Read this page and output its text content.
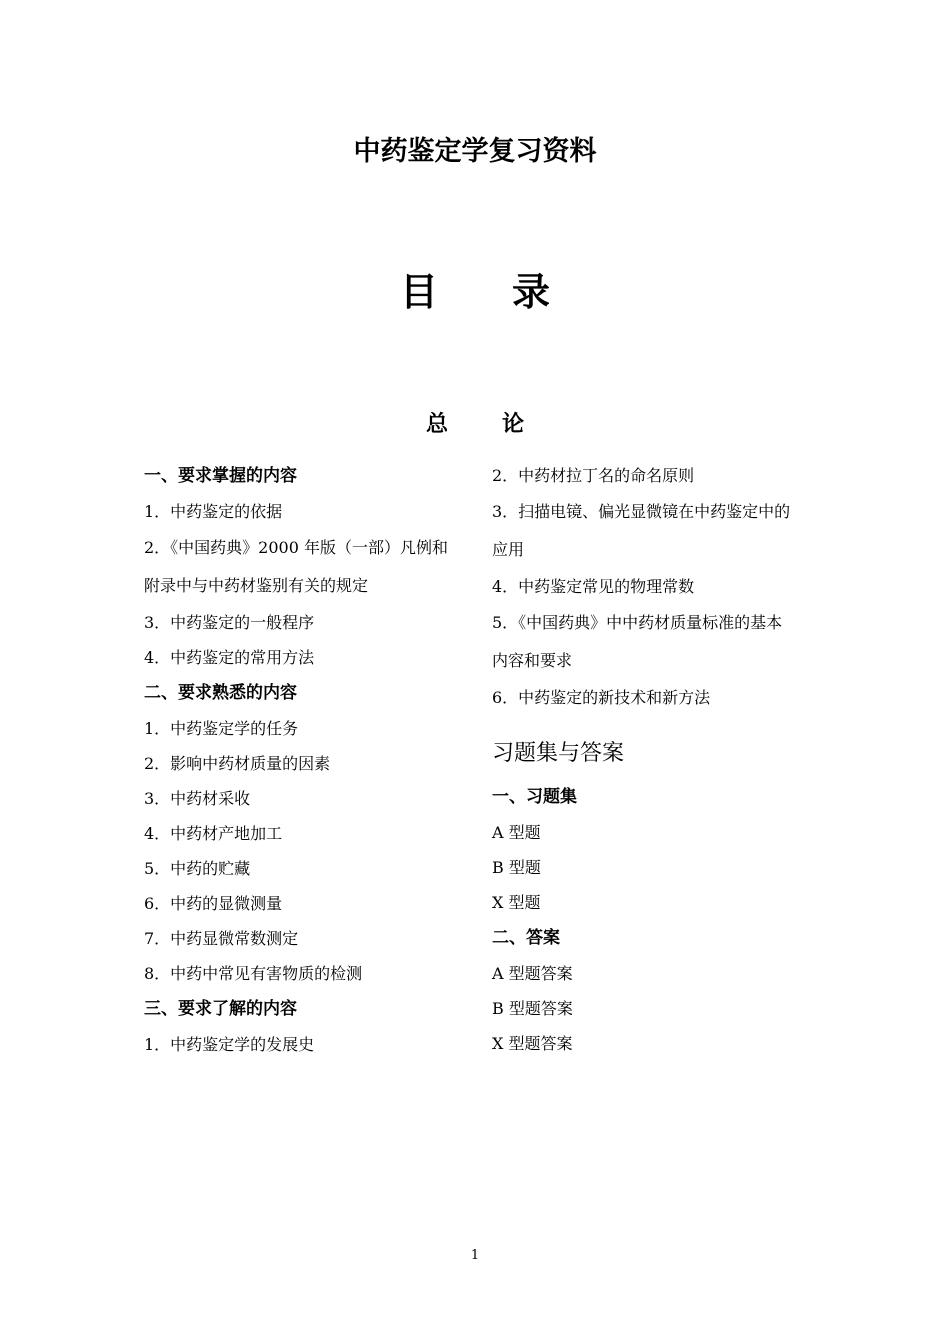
中药鉴定学复习资料
目　录
总　论
一、要求掌握的内容
1．中药鉴定的依据
2．《中国药典》2000 年版（一部）凡例和
附录中与中药材鉴别有关的规定
3．中药鉴定的一般程序
4．中药鉴定的常用方法
二、要求熟悉的内容
1．中药鉴定学的任务
2．影响中药材质量的因素
3．中药材采收
4．中药材产地加工
5．中药的贮藏
6．中药的显微测量
7．中药显微常数测定
8．中药中常见有害物质的检测
三、要求了解的内容
1．中药鉴定学的发展史
2．中药材拉丁名的命名原则
3．扫描电镜、偏光显微镜在中药鉴定中的
应用
4．中药鉴定常见的物理常数
5．《中国药典》中中药材质量标准的基本
内容和要求
6．中药鉴定的新技术和新方法
习题集与答案
一、习题集
A 型题
B 型题
X 型题
二、答案
A 型题答案
B 型题答案
X 型题答案
1
